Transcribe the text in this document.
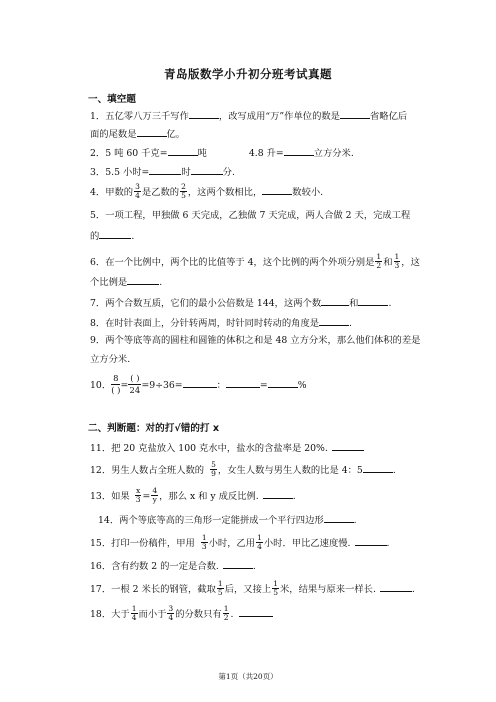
青岛版数学小升初分班考试真题
一、填空题
1．五亿零八万三千写作	，改写成用“万”作单位的数是	省略亿后
面的尾数是	亿。
2．5 吨 60 千克=	吨	4.8 升=	立方分米.
3．5.5 小时=	时	分.
4．甲数的 $\frac{3}{4}$ 是乙数的 $\frac{2}{5}$ ，这两个数相比，	数较小.
5．一项工程，甲独做 6 天完成，乙独做 7 天完成，两人合做 2 天，完成工程
的	.
6．在一个比例中，两个比的比值等于 4，这个比例的两个外项分别是 $\frac{1}{2}$ 和 $\frac{1}{3}$ ，这
个比例是	.
7．两个合数互质，它们的最小公倍数是 144，这两个数	和	.
8．在时针表面上，分针转两周，时针同时转动的角度是	.
9．两个等底等高的圆柱和圆锥的体积之和是 48 立方分米，那么他们体积的差是
立方分米.
10．
8
( ) =
( )
24 =9÷36=	：	=	%
二、判断题：对的打√错的打 x
11．把 20 克盐放入 100 克水中，盐水的含盐率是 20%.
12．男生人数占全班人数的 $\frac{5}{9}$ ，女生人数与男生人数的比是 4：5	.
13．如果 $\frac{x}{3} = \frac{4}{y}$ ，那么 x 和 y 成反比例.	.
14．两个等底等高的三角形一定能拼成一个平行四边形	.
15．打印一份稿件，甲用 $\frac{1}{3}$ 小时，乙用 $\frac{1}{4}$ 小时．甲比乙速度慢.	.
16．含有约数 2 的一定是合数.	.
17．一根 2 米长的钢管，截取 $\frac{1}{5}$ 后，又接上 $\frac{1}{5}$ 米，结果与原来一样长.	.
18．大于 $\frac{1}{4}$ 而小于 $\frac{3}{4}$ 的分数只有 $\frac{1}{2}$ .
第1页（共20页）
